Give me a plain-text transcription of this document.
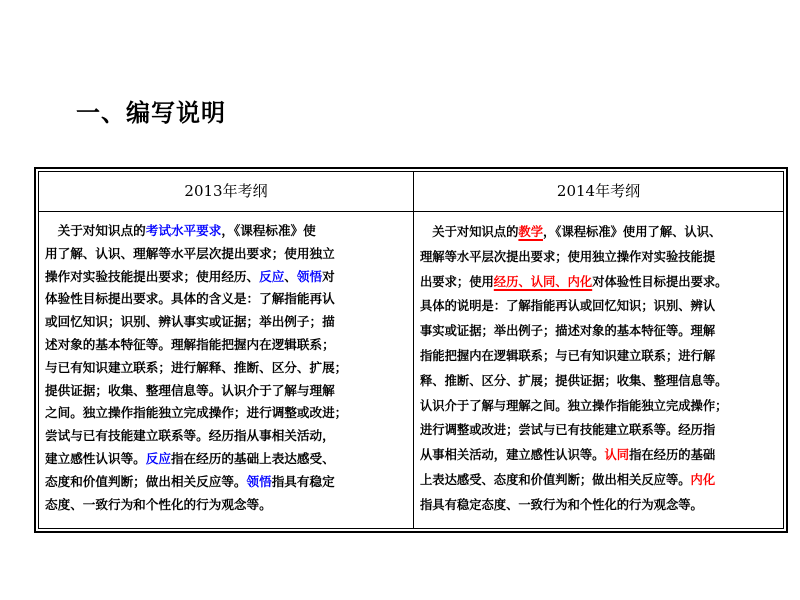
一、编写说明
2013年考纲	2014年考纲
　关于对知识点的考试水平要求，《课程标准》使
用了解、认识、理解等水平层次提出要求；使用独立
操作对实验技能提出要求；使用经历、反应、领悟对
体验性目标提出要求。具体的含义是：了解指能再认
或回忆知识；识别、辨认事实或证据；举出例子；描
述对象的基本特征等。理解指能把握内在逻辑联系；
与已有知识建立联系；进行解释、推断、区分、扩展；
提供证据；收集、整理信息等。认识介于了解与理解
之间。独立操作指能独立完成操作；进行调整或改进；
尝试与已有技能建立联系等。经历指从事相关活动，
建立感性认识等。反应指在经历的基础上表达感受、
态度和价值判断；做出相关反应等。领悟指具有稳定
态度、一致行为和个性化的行为观念等。
　关于对知识点的教学，《课程标准》使用了解、认识、
理解等水平层次提出要求；使用独立操作对实验技能提
出要求；使用经历、认同、内化对体验性目标提出要求。
具体的说明是：了解指能再认或回忆知识；识别、辨认
事实或证据；举出例子；描述对象的基本特征等。理解
指能把握内在逻辑联系；与已有知识建立联系；进行解
释、推断、区分、扩展；提供证据；收集、整理信息等。
认识介于了解与理解之间。独立操作指能独立完成操作；
进行调整或改进；尝试与已有技能建立联系等。经历指
从事相关活动，建立感性认识等。认同指在经历的基础
上表达感受、态度和价值判断；做出相关反应等。内化
指具有稳定态度、一致行为和个性化的行为观念等。
